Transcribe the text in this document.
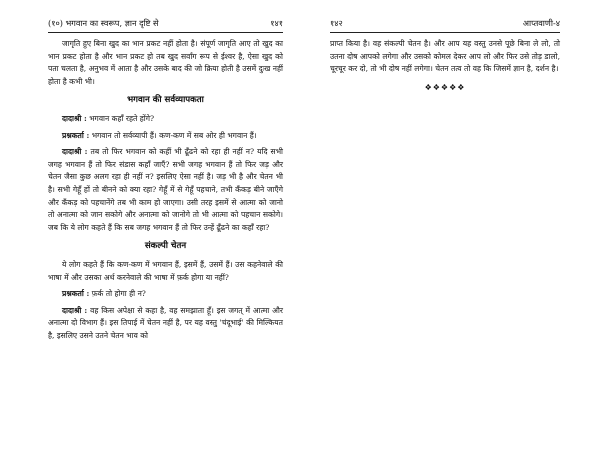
(१०) भगवान का स्वरूप, ज्ञान दृष्टि से	१४१

जागृति हुए बिना खुद का भान प्रकट नहीं होता है। संपूर्ण जागृति आए तो खुद का भान प्रकट होता है और भान प्रकट हो तब खुद सर्वांग रूप से ईश्वर है, ऐसा खुद को पता चलता है, अनुभव में आता है और उसके बाद की जो क्रिया होती है उसमें दुःख नहीं होता है कभी भी।

भगवान की सर्वव्यापकता

दादाश्री : भगवान कहाँ रहते होंगे?

प्रश्नकर्ता : भगवान तो सर्वव्यापी हैं। कण-कण में सब ओर ही भगवान हैं।

दादाश्री : तब तो फिर भगवान को कहीं भी ढूँढने को रहा ही नहीं न? यदि सभी जगह भगवान हैं तो फिर संडास कहाँ जाएँ? सभी जगह भगवान हैं तो फिर जड़ और चेतन जैसा कुछ अलग रहा ही नहीं न? इसलिए ऐसा नहीं है। जड़ भी है और चेतन भी है। सभी गेहूँ हों तो बीनने को क्या रहा? गेहूँ में से गेहूँ पहचाने, तभी कँकड़ बीने जाएँगे और कँकड़ को पहचानेंगे तब भी काम हो जाएगा। उसी तरह इसमें से आत्मा को जानो तो अनात्मा को जान सकोगे और अनात्मा को जानोगे तो भी आत्मा को पहचान सकोगे। जब कि ये लोग कहते हैं कि सब जगह भगवान हैं तो फिर उन्हें ढूँढने का कहाँ रहा?

संकल्पी चेतन

ये लोग कहते हैं कि कण-कण में भगवान हैं, इसमें हैं, उसमें हैं। उस कहनेवाले की भाषा में और उसका अर्थ करनेवाले की भाषा में फ़र्क होगा या नहीं?

प्रश्नकर्ता : फ़र्क तो होगा ही न?

दादाश्री : वह किस अपेक्षा से कहा है, वह समझाता हूँ। इस जगत् में आत्मा और अनात्मा दो विभाग हैं। इस तिपाई में चेतन नहीं है, पर यह वस्तु 'चंदूभाई' की मिल्कियत है, इसलिए उसने उतने चेतन भाव को

१४२	आप्तवाणी-४

प्राप्त किया है। वह संकल्पी चेतन है। और आप यह वस्तु उनसे पूछे बिना ले लो, तो उतना दोष आपको लगेगा और उसको कोमल देकर आप लो और फिर उसे तोड़ डालो, चूरचूर कर दो, तो भी दोष नहीं लगेगा। चेतन तत्व तो वह कि जिसमें ज्ञान है, दर्शन है।

❖❖❖❖❖
